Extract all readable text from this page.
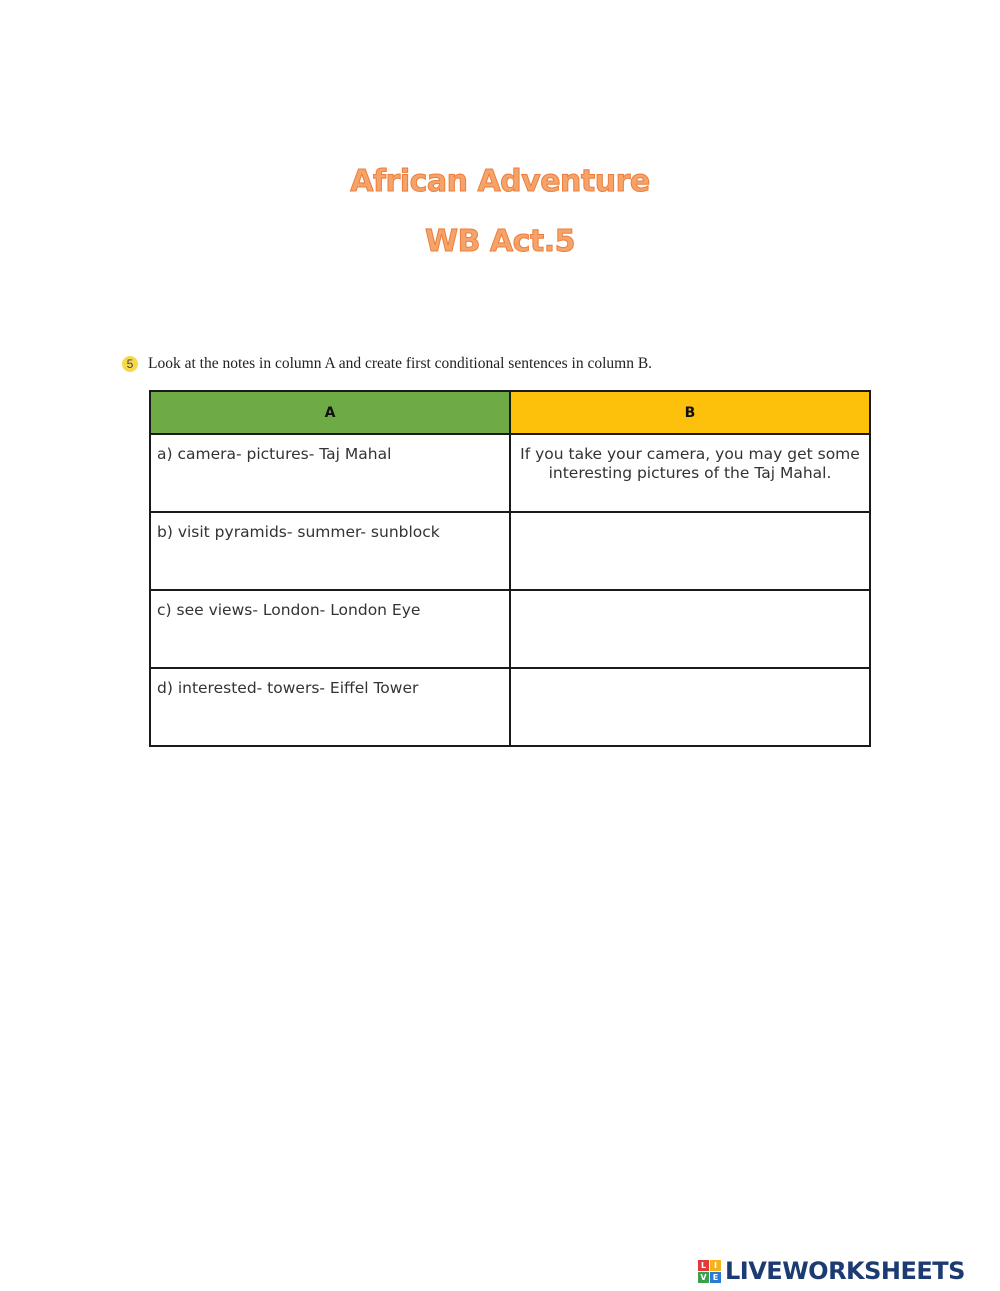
African Adventure
WB Act.5
5 Look at the notes in column A and create first conditional sentences in column B.
A	B
a) camera- pictures- Taj Mahal	If you take your camera, you may get some interesting pictures of the Taj Mahal.
b) visit pyramids- summer- sunblock	
c) see views- London- London Eye	
d) interested- towers- Eiffel Tower	
L I
V E LIVEWORKSHEETS
